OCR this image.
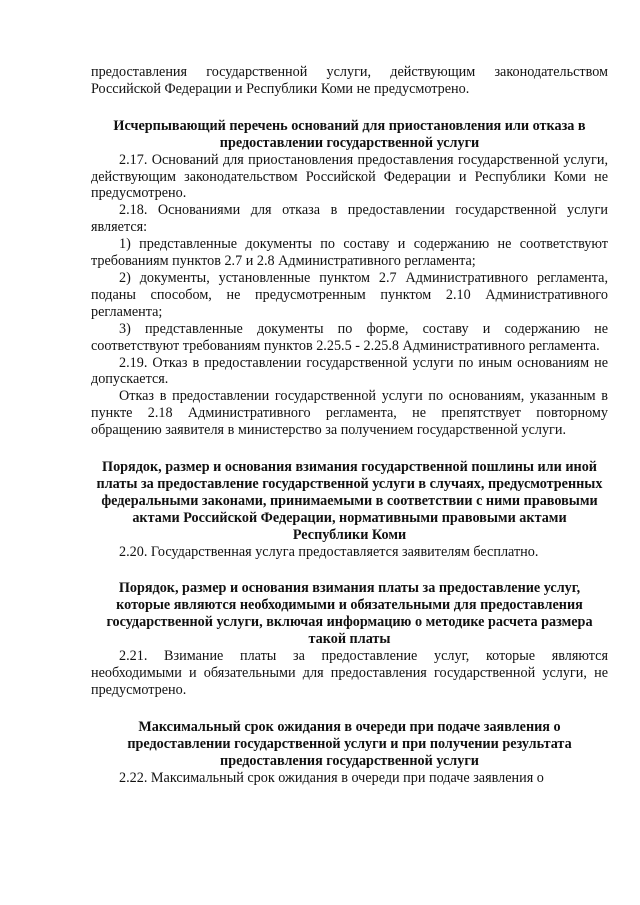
предоставления государственной услуги, действующим законодательством Российской Федерации и Республики Коми не предусмотрено.

Исчерпывающий перечень оснований для приостановления или отказа в предоставлении государственной услуги

2.17. Оснований для приостановления предоставления государственной услуги, действующим законодательством Российской Федерации и Республики Коми не предусмотрено.

2.18. Основаниями для отказа в предоставлении государственной услуги является:

1) представленные документы по составу и содержанию не соответствуют требованиям пунктов 2.7 и 2.8 Административного регламента;

2) документы, установленные пунктом 2.7 Административного регламента, поданы способом, не предусмотренным пунктом 2.10 Административного регламента;

3) представленные документы по форме, составу и содержанию не соответствуют требованиям пунктов 2.25.5 - 2.25.8 Административного регламента.

2.19. Отказ в предоставлении государственной услуги по иным основаниям не допускается.

Отказ в предоставлении государственной услуги по основаниям, указанным в пункте 2.18 Административного регламента, не препятствует повторному обращению заявителя в министерство за получением государственной услуги.

Порядок, размер и основания взимания государственной пошлины или иной платы за предоставление государственной услуги в случаях, предусмотренных федеральными законами, принимаемыми в соответствии с ними правовыми актами Российской Федерации, нормативными правовыми актами Республики Коми

2.20. Государственная услуга предоставляется заявителям бесплатно.

Порядок, размер и основания взимания платы за предоставление услуг, которые являются необходимыми и обязательными для предоставления государственной услуги, включая информацию о методике расчета размера такой платы

2.21. Взимание платы за предоставление услуг, которые являются необходимыми и обязательными для предоставления государственной услуги, не предусмотрено.

Максимальный срок ожидания в очереди при подаче заявления о предоставлении государственной услуги и при получении результата предоставления государственной услуги

2.22. Максимальный срок ожидания в очереди при подаче заявления о
